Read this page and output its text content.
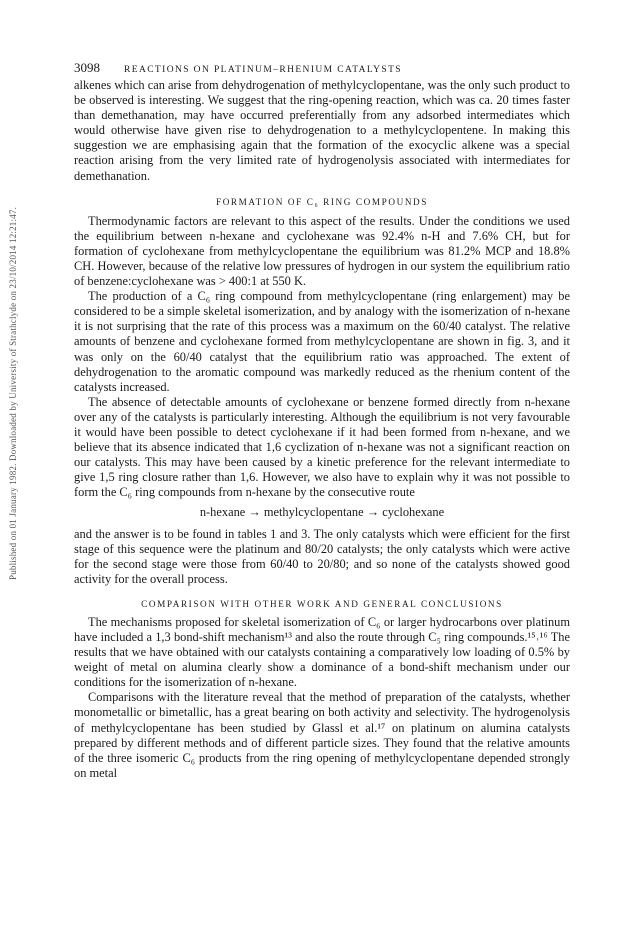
Published on 01 January 1982. Downloaded by University of Strathclyde on 23/10/2014 12:21:47.
3098	REACTIONS ON PLATINUM–RHENIUM CATALYSTS

alkenes which can arise from dehydrogenation of methylcyclopentane, was the only such product to be observed is interesting. We suggest that the ring-opening reaction, which was ca. 20 times faster than demethanation, may have occurred preferentially from any adsorbed intermediates which would otherwise have given rise to dehydrogenation to a methylcyclopentene. In making this suggestion we are emphasising again that the formation of the exocyclic alkene was a special reaction arising from the very limited rate of hydrogenolysis associated with intermediates for demethanation.

FORMATION OF C₆ RING COMPOUNDS

Thermodynamic factors are relevant to this aspect of the results. Under the conditions we used the equilibrium between n-hexane and cyclohexane was 92.4% n-H and 7.6% CH, but for formation of cyclohexane from methylcyclopentane the equilibrium was 81.2% MCP and 18.8% CH. However, because of the relative low pressures of hydrogen in our system the equilibrium ratio of benzene:cyclohexane was > 400:1 at 550 K.

The production of a C₆ ring compound from methylcyclopentane (ring enlargement) may be considered to be a simple skeletal isomerization, and by analogy with the isomerization of n-hexane it is not surprising that the rate of this process was a maximum on the 60/40 catalyst. The relative amounts of benzene and cyclohexane formed from methylcyclopentane are shown in fig. 3, and it was only on the 60/40 catalyst that the equilibrium ratio was approached. The extent of dehydrogenation to the aromatic compound was markedly reduced as the rhenium content of the catalysts increased.

The absence of detectable amounts of cyclohexane or benzene formed directly from n-hexane over any of the catalysts is particularly interesting. Although the equilibrium is not very favourable it would have been possible to detect cyclohexane if it had been formed from n-hexane, and we believe that its absence indicated that 1,6 cyclization of n-hexane was not a significant reaction on our catalysts. This may have been caused by a kinetic preference for the relevant intermediate to give 1,5 ring closure rather than 1,6. However, we also have to explain why it was not possible to form the C₆ ring compounds from n-hexane by the consecutive route

n-hexane → methylcyclopentane → cyclohexane

and the answer is to be found in tables 1 and 3. The only catalysts which were efficient for the first stage of this sequence were the platinum and 80/20 catalysts; the only catalysts which were active for the second stage were those from 60/40 to 20/80; and so none of the catalysts showed good activity for the overall process.

COMPARISON WITH OTHER WORK AND GENERAL CONCLUSIONS

The mechanisms proposed for skeletal isomerization of C₆ or larger hydrocarbons over platinum have included a 1,3 bond-shift mechanism¹³ and also the route through C₅ ring compounds.¹⁵˒¹⁶ The results that we have obtained with our catalysts containing a comparatively low loading of 0.5% by weight of metal on alumina clearly show a dominance of a bond-shift mechanism under our conditions for the isomerization of n-hexane.

Comparisons with the literature reveal that the method of preparation of the catalysts, whether monometallic or bimetallic, has a great bearing on both activity and selectivity. The hydrogenolysis of methylcyclopentane has been studied by Glassl et al.¹⁷ on platinum on alumina catalysts prepared by different methods and of different particle sizes. They found that the relative amounts of the three isomeric C₆ products from the ring opening of methylcyclopentane depended strongly on metal
